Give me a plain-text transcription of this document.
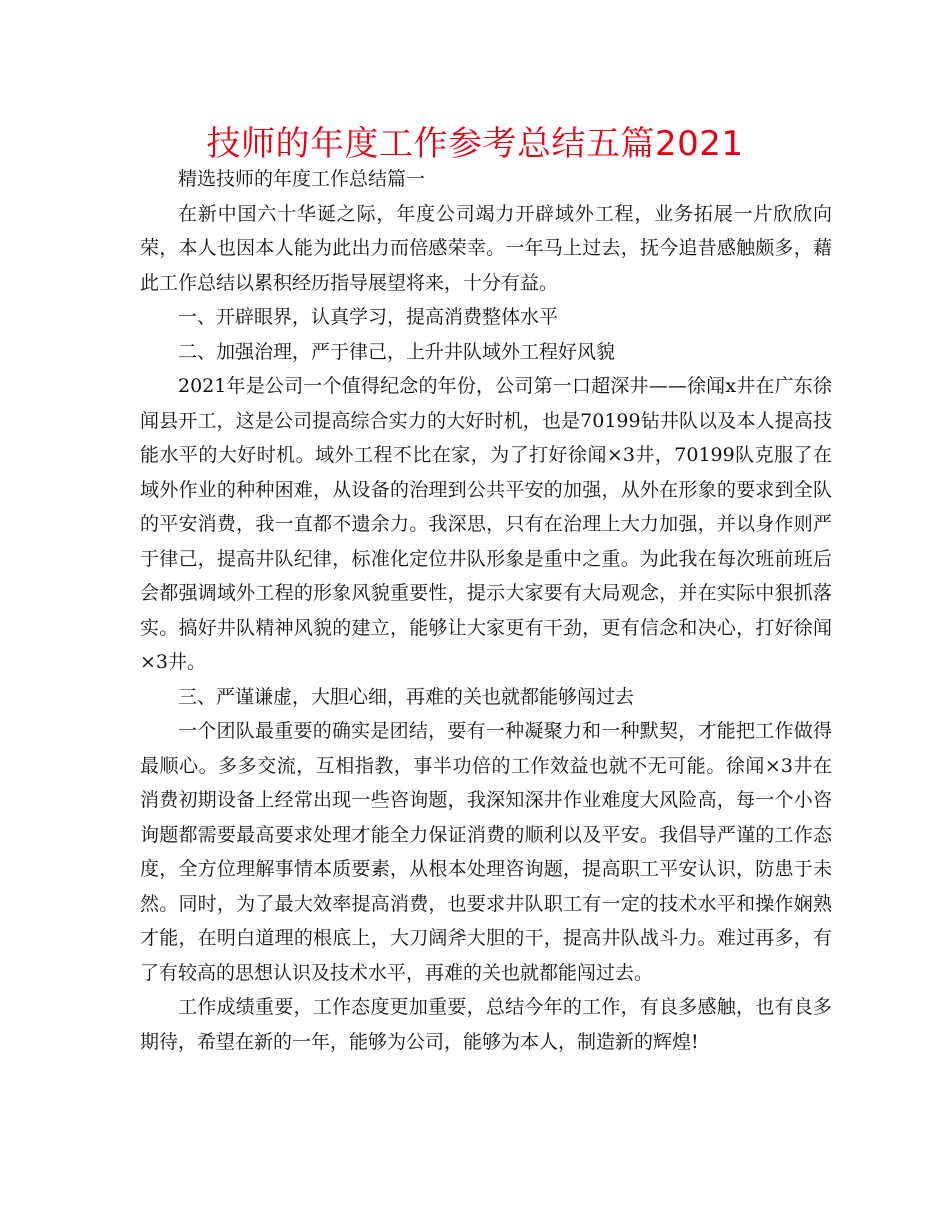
技师的年度工作参考总结五篇2021

精选技师的年度工作总结篇一

在新中国六十华诞之际，年度公司竭力开辟域外工程，业务拓展一片欣欣向荣，本人也因本人能为此出力而倍感荣幸。一年马上过去，抚今追昔感触颇多，藉此工作总结以累积经历指导展望将来，十分有益。

一、开辟眼界，认真学习，提高消费整体水平

二、加强治理，严于律己，上升井队域外工程好风貌

2021年是公司一个值得纪念的年份，公司第一口超深井——徐闻x井在广东徐闻县开工，这是公司提高综合实力的大好时机，也是70199钻井队以及本人提高技能水平的大好时机。域外工程不比在家，为了打好徐闻×3井，70199队克服了在域外作业的种种困难，从设备的治理到公共平安的加强，从外在形象的要求到全队的平安消费，我一直都不遗余力。我深思，只有在治理上大力加强，并以身作则严于律己，提高井队纪律，标准化定位井队形象是重中之重。为此我在每次班前班后会都强调域外工程的形象风貌重要性，提示大家要有大局观念，并在实际中狠抓落实。搞好井队精神风貌的建立，能够让大家更有干劲，更有信念和决心，打好徐闻×3井。

三、严谨谦虚，大胆心细，再难的关也就都能够闯过去

一个团队最重要的确实是团结，要有一种凝聚力和一种默契，才能把工作做得最顺心。多多交流，互相指教，事半功倍的工作效益也就不无可能。徐闻×3井在消费初期设备上经常出现一些咨询题，我深知深井作业难度大风险高，每一个小咨询题都需要最高要求处理才能全力保证消费的顺利以及平安。我倡导严谨的工作态度，全方位理解事情本质要素，从根本处理咨询题，提高职工平安认识，防患于未然。同时，为了最大效率提高消费，也要求井队职工有一定的技术水平和操作娴熟才能，在明白道理的根底上，大刀阔斧大胆的干，提高井队战斗力。难过再多，有了有较高的思想认识及技术水平，再难的关也就都能闯过去。

工作成绩重要，工作态度更加重要，总结今年的工作，有良多感触，也有良多期待，希望在新的一年，能够为公司，能够为本人，制造新的辉煌!
